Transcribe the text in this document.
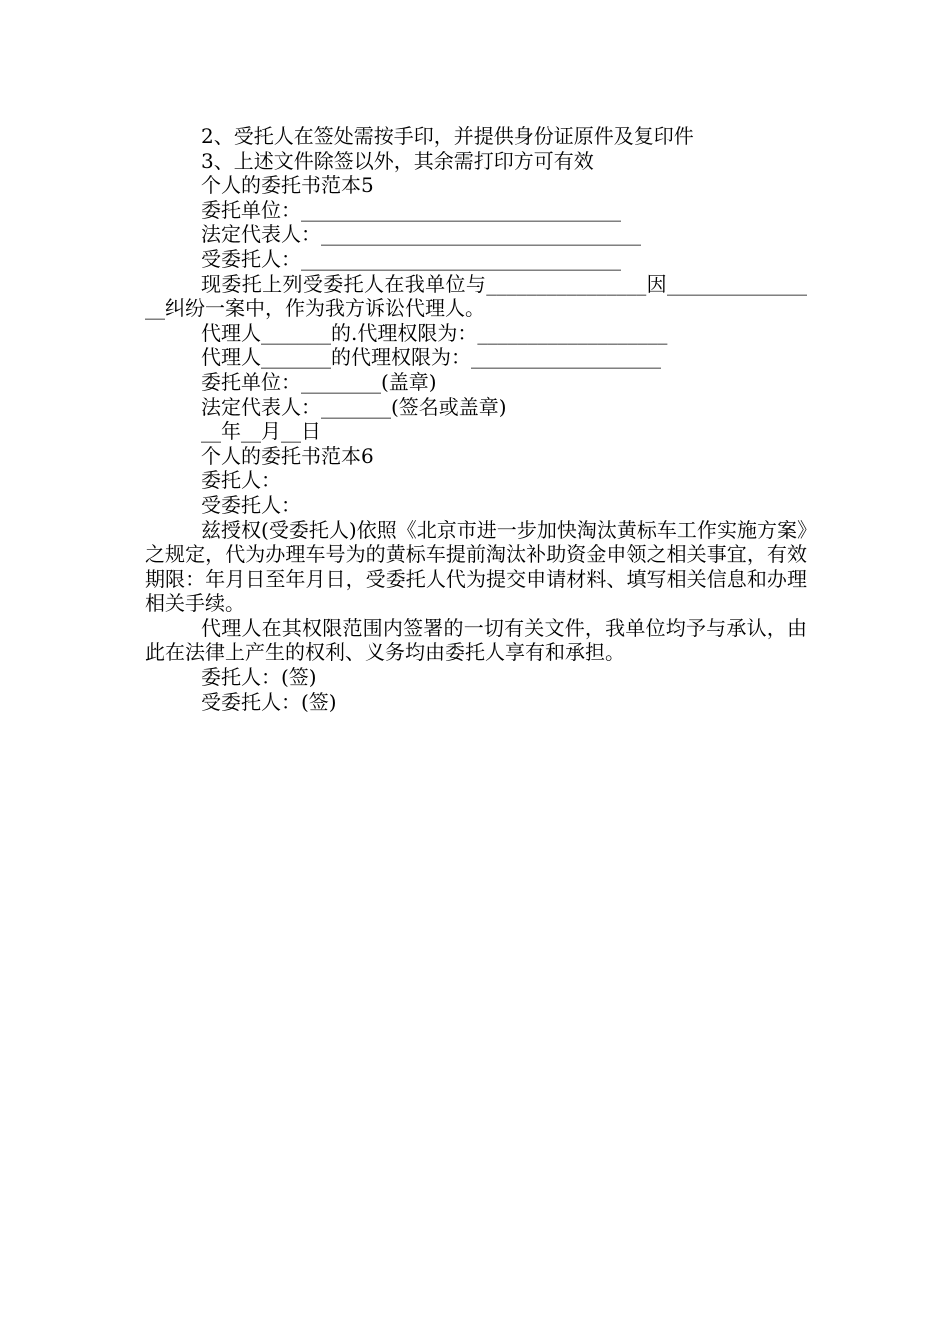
2、受托人在签处需按手印，并提供身份证原件及复印件

3、上述文件除签以外，其余需打印方可有效

个人的委托书范本5

委托单位：________________________________

法定代表人：________________________________

受委托人：________________________________

现委托上列受委托人在我单位与________________因________________纠纷一案中，作为我方诉讼代理人。

代理人_______的.代理权限为：___________________

代理人_______的代理权限为：___________________

委托单位：________(盖章)

法定代表人：_______(签名或盖章)

__年__月__日

个人的委托书范本6

委托人：

受委托人：

兹授权(受委托人)依照《北京市进一步加快淘汰黄标车工作实施方案》之规定，代为办理车号为的黄标车提前淘汰补助资金申领之相关事宜，有效期限：年月日至年月日，受委托人代为提交申请材料、填写相关信息和办理相关手续。

代理人在其权限范围内签署的一切有关文件，我单位均予与承认，由此在法律上产生的权利、义务均由委托人享有和承担。

委托人：(签)

受委托人：(签)
